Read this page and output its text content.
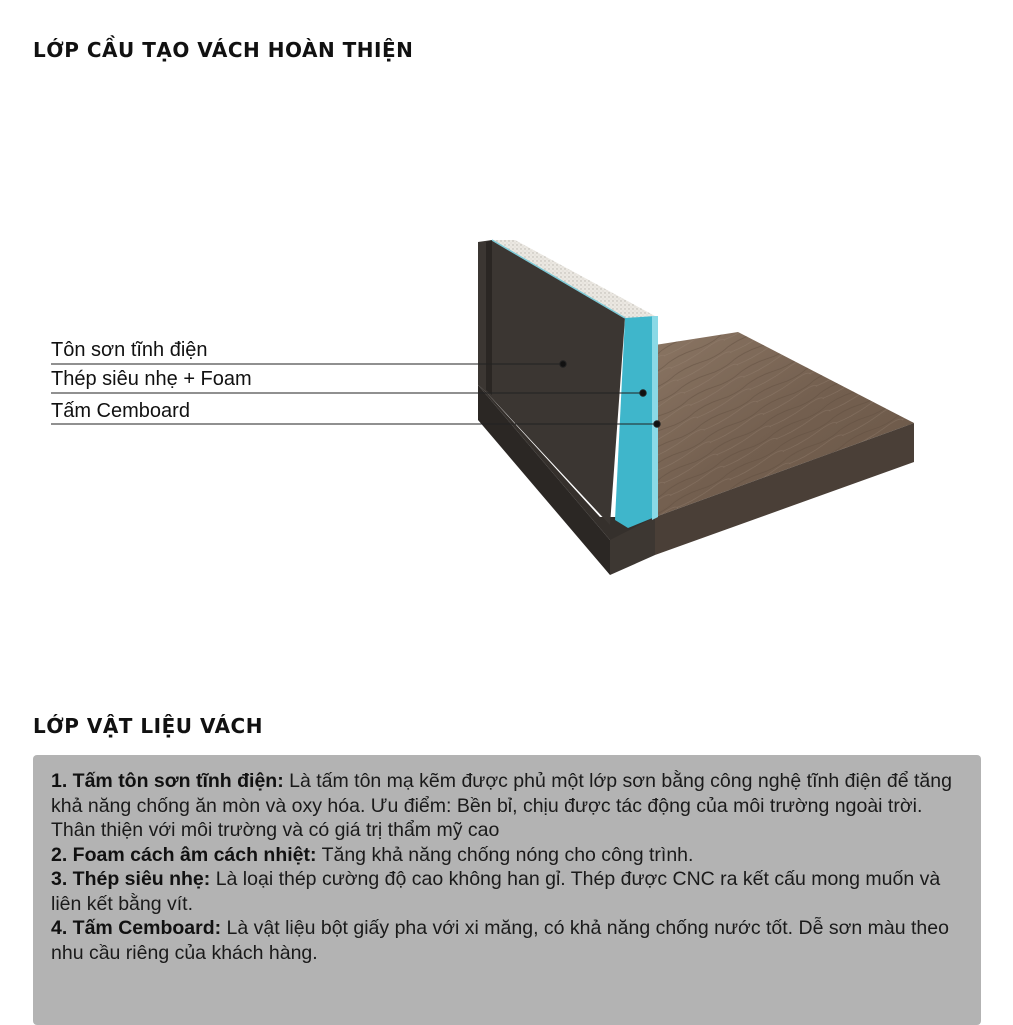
LỚP CẦU TẠO VÁCH HOÀN THIỆN
Tôn sơn tĩnh điện
Thép siêu nhẹ + Foam
Tấm Cemboard
LỚP VẬT LIỆU VÁCH

1. Tấm tôn sơn tĩnh điện: Là tấm tôn mạ kẽm được phủ một lớp sơn bằng công nghệ tĩnh điện để tăng khả năng chống ăn mòn và oxy hóa. Ưu điểm: Bền bỉ, chịu được tác động của môi trường ngoài trời. Thân thiện với môi trường và có giá trị thẩm mỹ cao

2. Foam cách âm cách nhiệt: Tăng khả năng chống nóng cho công trình.

3. Thép siêu nhẹ: Là loại thép cường độ cao không han gỉ. Thép được CNC ra kết cấu mong muốn và liên kết bằng vít.

4. Tấm Cemboard: Là vật liệu bột giấy pha với xi măng, có khả năng chống nước tốt. Dễ sơn màu theo nhu cầu riêng của khách hàng.
